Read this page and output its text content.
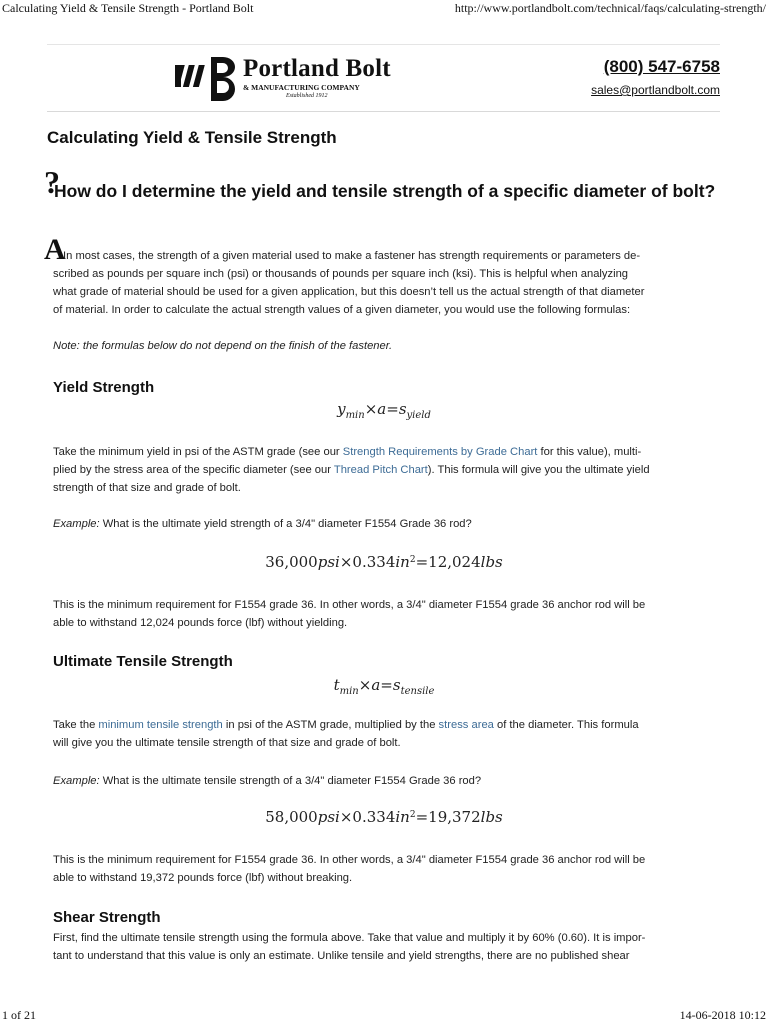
Calculating Yield & Tensile Strength - Portland Bolt	http://www.portlandbolt.com/technical/faqs/calculating-strength/
Portland Bolt
& MANUFACTURING COMPANY
Established 1912
(800) 547-6758
sales@portlandbolt.com
Calculating Yield & Tensile Strength
?
How do I determine the yield and tensile strength of a specific diameter of bolt?
A
In most cases, the strength of a given material used to make a fastener has strength requirements or parameters de-
scribed as pounds per square inch (psi) or thousands of pounds per square inch (ksi). This is helpful when analyzing
what grade of material should be used for a given application, but this doesn’t tell us the actual strength of that diameter
of material. In order to calculate the actual strength values of a given diameter, you would use the following formulas:
Note: the formulas below do not depend on the finish of the fastener.
Yield Strength
$y_{min}\times a=s_{yield}$
Take the minimum yield in psi of the ASTM grade (see our Strength Requirements by Grade Chart for this value), multi-
plied by the stress area of the specific diameter (see our Thread Pitch Chart). This formula will give you the ultimate yield
strength of that size and grade of bolt.
Example: What is the ultimate yield strength of a 3/4" diameter F1554 Grade 36 rod?
$36,000psi\times 0.334in^2=12,024lbs$
This is the minimum requirement for F1554 grade 36. In other words, a 3/4" diameter F1554 grade 36 anchor rod will be
able to withstand 12,024 pounds force (lbf) without yielding.
Ultimate Tensile Strength
$t_{min}\times a=s_{tensile}$
Take the minimum tensile strength in psi of the ASTM grade, multiplied by the stress area of the diameter. This formula
will give you the ultimate tensile strength of that size and grade of bolt.
Example: What is the ultimate tensile strength of a 3/4" diameter F1554 Grade 36 rod?
$58,000psi\times 0.334in^2=19,372lbs$
This is the minimum requirement for F1554 grade 36. In other words, a 3/4" diameter F1554 grade 36 anchor rod will be
able to withstand 19,372 pounds force (lbf) without breaking.
Shear Strength
First, find the ultimate tensile strength using the formula above. Take that value and multiply it by 60% (0.60). It is impor-
tant to understand that this value is only an estimate. Unlike tensile and yield strengths, there are no published shear
1 of 21	14-06-2018 10:12
